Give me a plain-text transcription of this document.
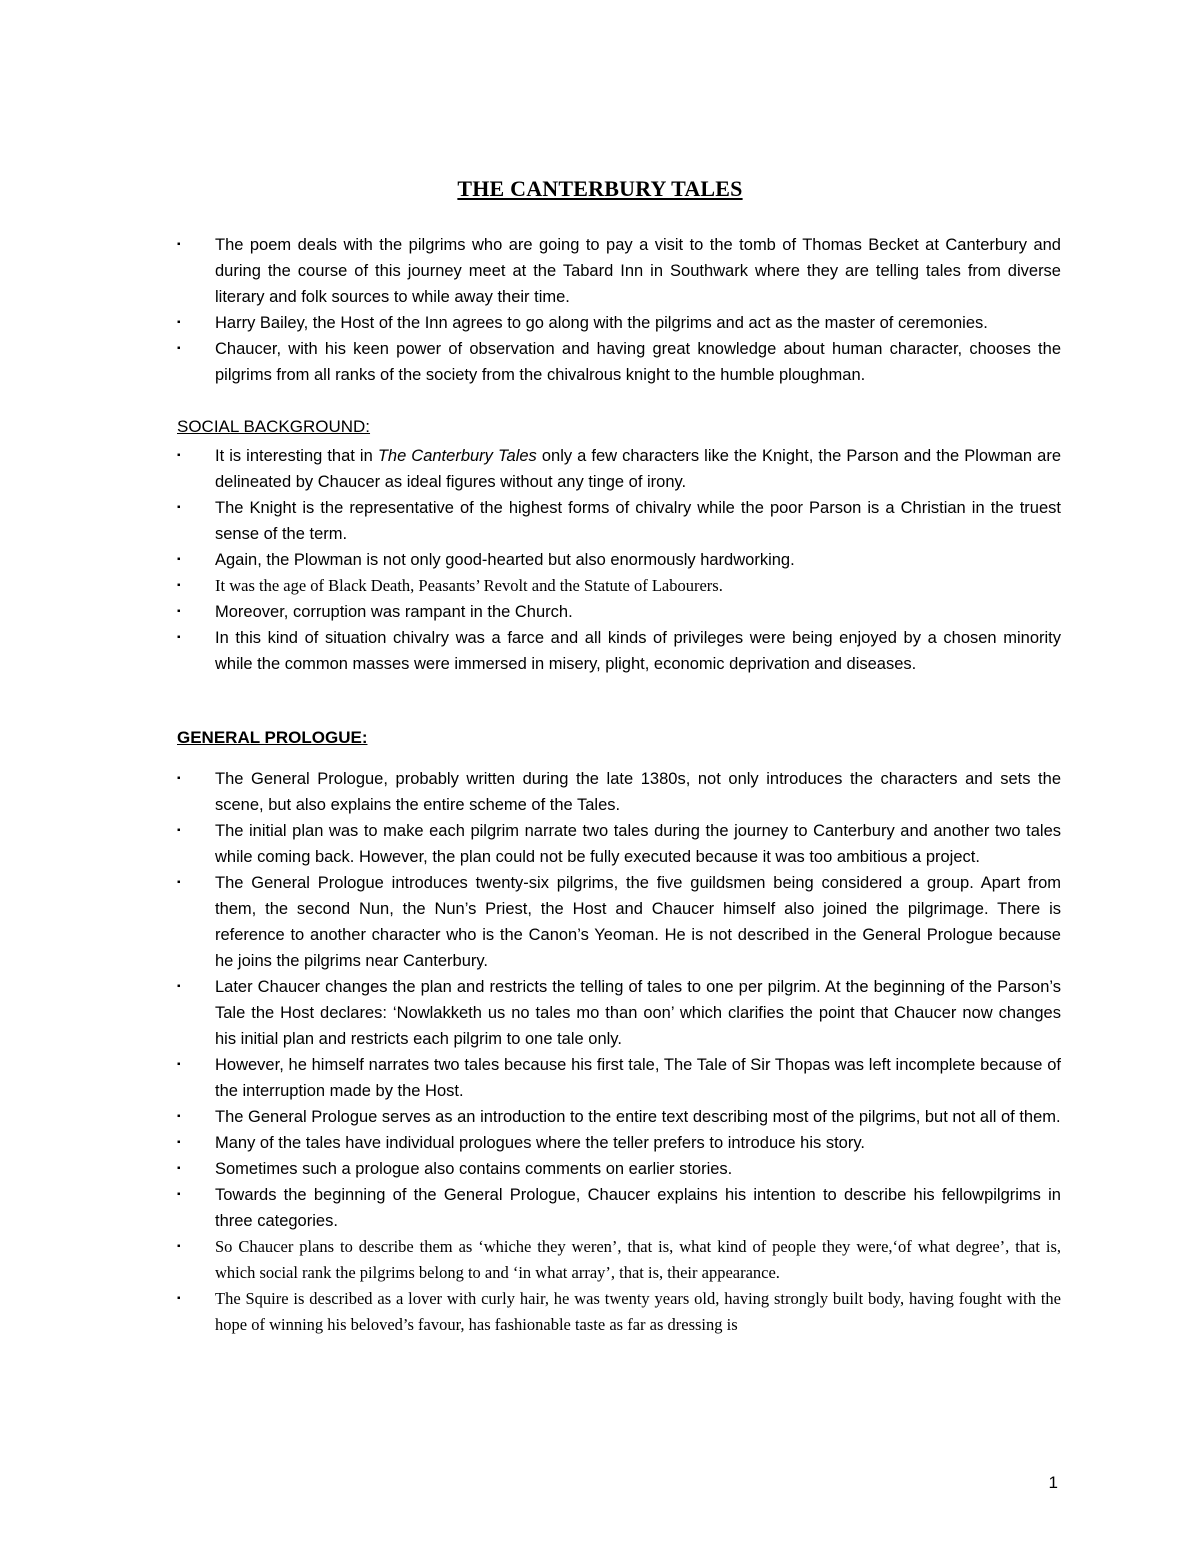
THE CANTERBURY TALES
▪ The poem deals with the pilgrims who are going to pay a visit to the tomb of Thomas Becket at Canterbury and during the course of this journey meet at the Tabard Inn in Southwark where they are telling tales from diverse literary and folk sources to while away their time.
▪ Harry Bailey, the Host of the Inn agrees to go along with the pilgrims and act as the master of ceremonies.
▪ Chaucer, with his keen power of observation and having great knowledge about human character, chooses the pilgrims from all ranks of the society from the chivalrous knight to the humble ploughman.
SOCIAL BACKGROUND:
▪ It is interesting that in The Canterbury Tales only a few characters like the Knight, the Parson and the Plowman are delineated by Chaucer as ideal figures without any tinge of irony.
▪ The Knight is the representative of the highest forms of chivalry while the poor Parson is a Christian in the truest sense of the term.
▪ Again, the Plowman is not only good-hearted but also enormously hardworking.
▪ It was the age of Black Death, Peasants’ Revolt and the Statute of Labourers.
▪ Moreover, corruption was rampant in the Church.
▪ In this kind of situation chivalry was a farce and all kinds of privileges were being enjoyed by a chosen minority while the common masses were immersed in misery, plight, economic deprivation and diseases.
GENERAL PROLOGUE:
▪ The General Prologue, probably written during the late 1380s, not only introduces the characters and sets the scene, but also explains the entire scheme of the Tales.
▪ The initial plan was to make each pilgrim narrate two tales during the journey to Canterbury and another two tales while coming back. However, the plan could not be fully executed because it was too ambitious a project.
▪ The General Prologue introduces twenty-six pilgrims, the five guildsmen being considered a group. Apart from them, the second Nun, the Nun’s Priest, the Host and Chaucer himself also joined the pilgrimage. There is reference to another character who is the Canon’s Yeoman. He is not described in the General Prologue because he joins the pilgrims near Canterbury.
▪ Later Chaucer changes the plan and restricts the telling of tales to one per pilgrim. At the beginning of the Parson’s Tale the Host declares: ‘Nowlakketh us no tales mo than oon’ which clarifies the point that Chaucer now changes his initial plan and restricts each pilgrim to one tale only.
▪ However, he himself narrates two tales because his first tale, The Tale of Sir Thopas was left incomplete because of the interruption made by the Host.
▪ The General Prologue serves as an introduction to the entire text describing most of the pilgrims, but not all of them.
▪ Many of the tales have individual prologues where the teller prefers to introduce his story.
▪ Sometimes such a prologue also contains comments on earlier stories.
▪ Towards the beginning of the General Prologue, Chaucer explains his intention to describe his fellowpilgrims in three categories.
▪ So Chaucer plans to describe them as ‘whiche they weren’, that is, what kind of people they were,‘of what degree’, that is, which social rank the pilgrims belong to and ‘in what array’, that is, their appearance.
▪ The Squire is described as a lover with curly hair, he was twenty years old, having strongly built body, having fought with the hope of winning his beloved’s favour, has fashionable taste as far as dressing is
1
